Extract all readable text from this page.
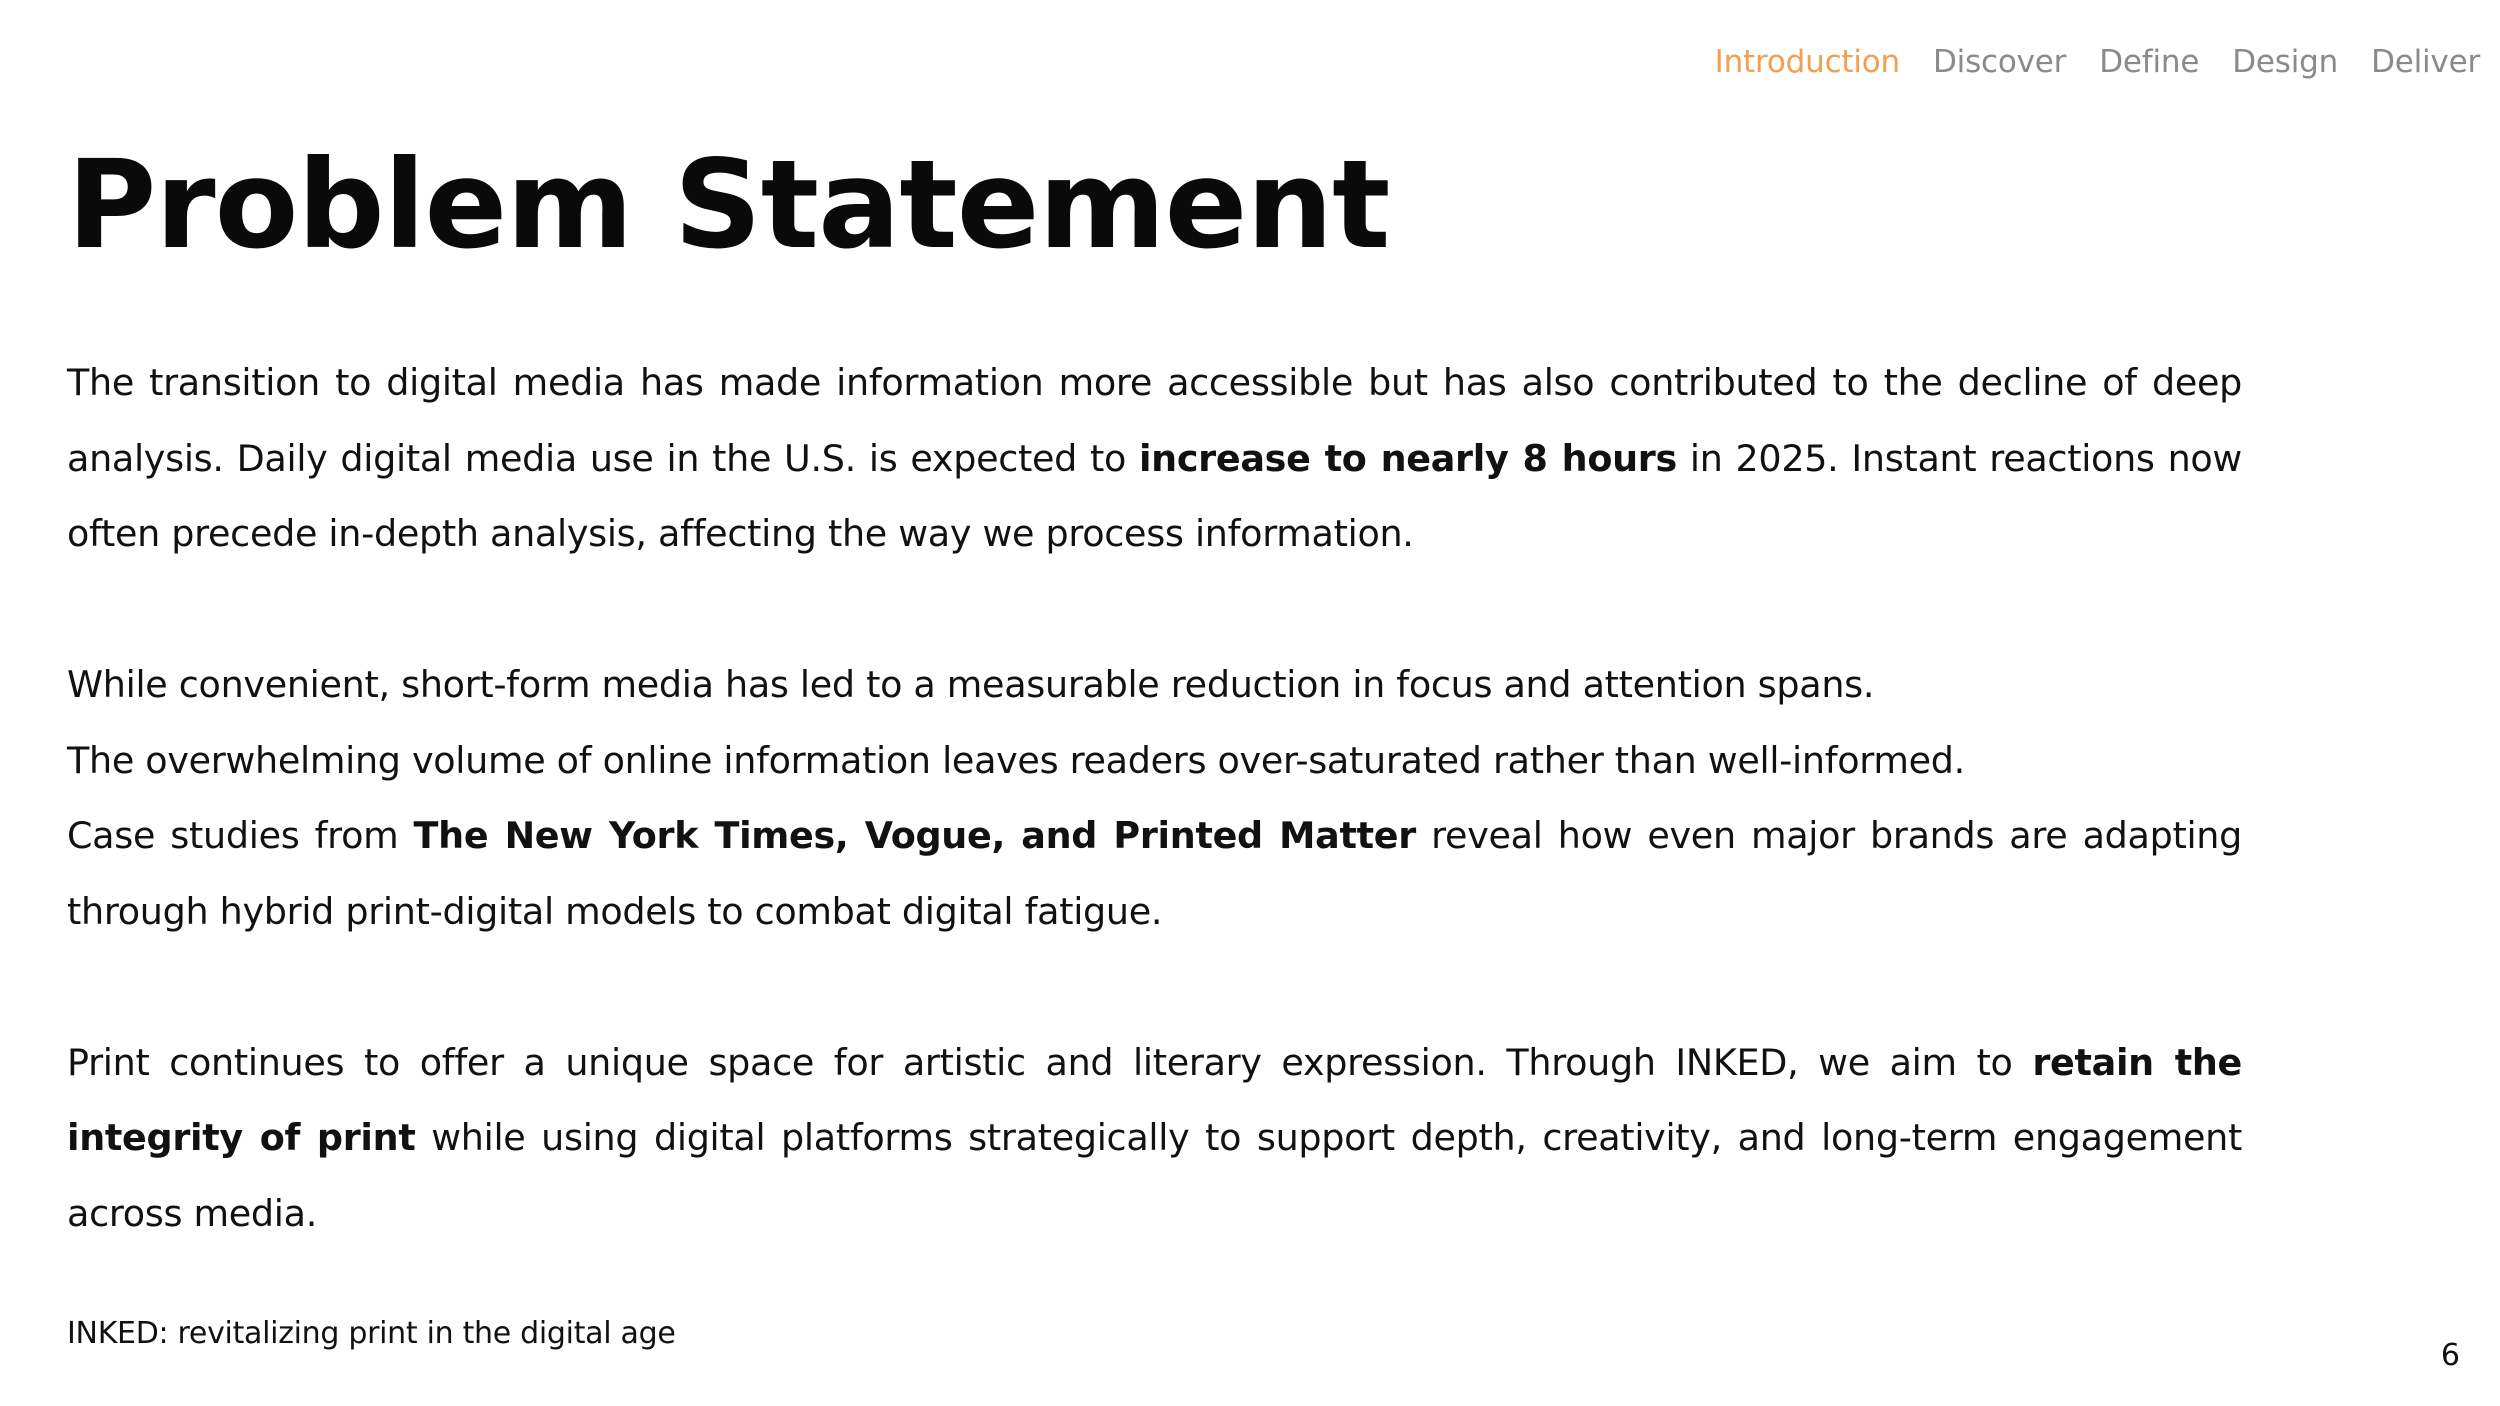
Introduction Discover Define Design Deliver
Problem Statement

The transition to digital media has made information more accessible but has also contributed to the decline of deep analysis. Daily digital media use in the U.S. is expected to increase to nearly 8 hours in 2025. Instant reactions now often precede in-depth analysis, affecting the way we process information.

While convenient, short-form media has led to a measurable reduction in focus and attention spans.

The overwhelming volume of online information leaves readers over-saturated rather than well-informed.

Case studies from The New York Times, Vogue, and Printed Matter reveal how even major brands are adapting through hybrid print-digital models to combat digital fatigue.

Print continues to offer a unique space for artistic and literary expression. Through INKED, we aim to retain the integrity of print while using digital platforms strategically to support depth, creativity, and long-term engagement across media.

INKED: revitalizing print in the digital age
6
